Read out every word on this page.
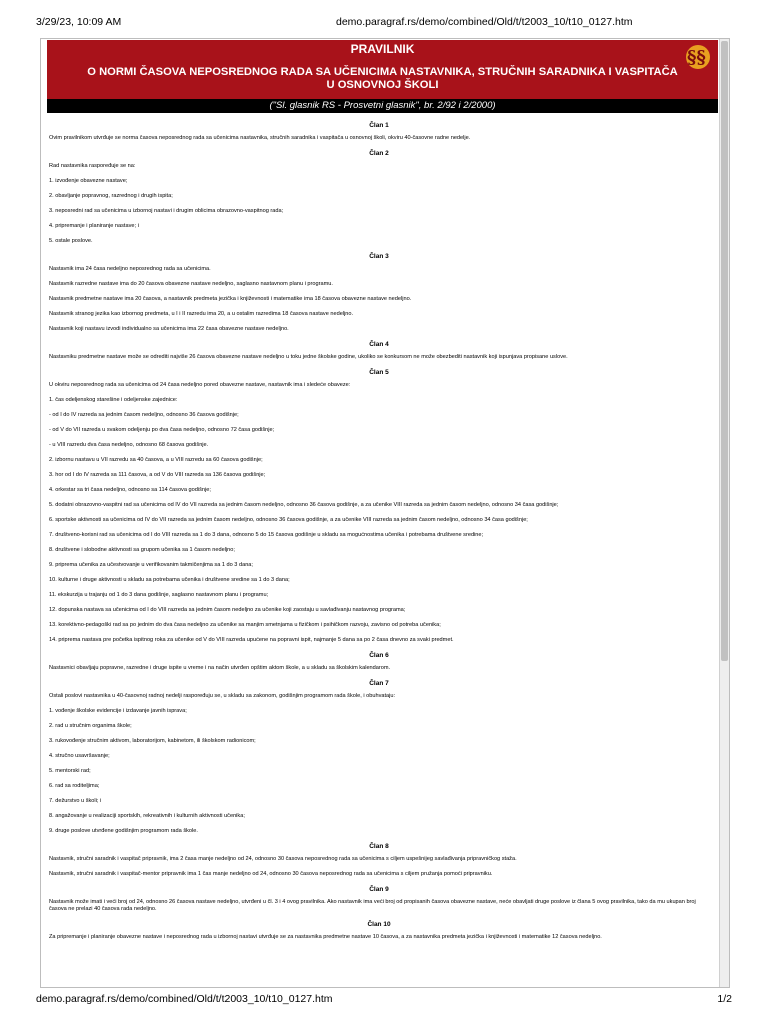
3/29/23, 10:09 AM	demo.paragraf.rs/demo/combined/Old/t/t2003_10/t10_0127.htm
PRAVILNIK
O NORMI ČASOVA NEPOSREDNOG RADA SA UČENICIMA NASTAVNIKA, STRUČNIH SARADNIKA I VASPITAČA U OSNOVNOJ ŠKOLI
§§
("Sl. glasnik RS - Prosvetni glasnik", br. 2/92 i 2/2000)
Član 1
Ovim pravilnikom utvrđuje se norma časova neposrednog rada sa učenicima nastavnika, stručnih saradnika i vaspitača u osnovnoj školi, okviru 40-časovne radne nedelje.
Član 2
Rad nastavnika raspoređuje se na:
1. izvođenje obavezne nastave;
2. obavljanje popravnog, razrednog i drugih ispita;
3. neposredni rad sa učenicima u izbornoj nastavi i drugim oblicima obrazovno-vaspitnog rada;
4. pripremanje i planiranje nastave; i
5. ostale poslove.
Član 3
Nastavnik ima 24 časa nedeljno neposrednog rada sa učenicima.
Nastavnik razredne nastave ima do 20 časova obavezne nastave nedeljno, saglasno nastavnom planu i programu.
Nastavnik predmetne nastave ima 20 časova, a nastavnik predmeta jezička i književnosti i matematike ima 18 časova obavezne nastave nedeljno.
Nastavnik stranog jezika kao izbornog predmeta, u I i II razredu ima 20, a u ostalim razredima 18 časova nastave nedeljno.
Nastavnik koji nastavu izvodi individualno sa učenicima ima 22 časa obavezne nastave nedeljno.
Član 4
Nastavniku predmetne nastave može se odrediti najviše 26 časova obavezne nastave nedeljno u toku jedne školske godine, ukoliko se konkursom ne može obezbediti nastavnik koji ispunjava propisane uslove.
Član 5
U okviru neposrednog rada sa učenicima od 24 časa nedeljno pored obavezne nastave, nastavnik ima i sledeće obaveze:
1. čas odeljenskog starešine i odeljenske zajednice:
- od I do IV razreda sa jednim časom nedeljno, odnosno 36 časova godišnje;
- od V do VII razreda u svakom odeljenju po dva časa nedeljno, odnosno 72 časa godišnje;
- u VIII razredu dva časa nedeljno, odnosno 68 časova godišnje.
2. izbornu nastavu u VII razredu sa 40 časova, a u VIII razredu sa 60 časova godišnje;
3. hor od I do IV razreda sa 111 časova, a od V do VIII razreda sa 136 časova godišnje;
4. orkestar sa tri časa nedeljno, odnosno sa 114 časova godišnje;
5. dodatni obrazovno-vaspitni rad sa učenicima od IV do VII razreda sa jednim časom nedeljno, odnosno 36 časova godišnje, a za učenike VIII razreda sa jednim časom nedeljno, odnosno 34 časa godišnje;
6. sportske aktivnosti sa učenicima od IV do VII razreda sa jednim časom nedeljno, odnosno 36 časova godišnje, a za učenike VIII razreda sa jednim časom nedeljno, odnosno 34 časa godišnje;
7. društveno-korisni rad sa učenicima od I do VIII razreda sa 1 do 3 dana, odnosno 5 do 15 časova godišnje u skladu sa mogućnostima učenika i potrebama društvene sredine;
8. društvene i slobodne aktivnosti sa grupom učenika sa 1 časom nedeljno;
9. priprema učenika za učestvovanje u verifikovanim takmičenjima sa 1 do 3 dana;
10. kulturne i druge aktivnosti u skladu sa potrebama učenika i društvene sredine sa 1 do 3 dana;
11. ekskurzija u trajanju od 1 do 3 dana godišnje, saglasno nastavnom planu i programu;
12. dopunska nastava sa učenicima od I do VIII razreda sa jednim časom nedeljno za učenike koji zaostaju u savlađivanju nastavnog programa;
13. korektivno-pedagoški rad sa po jednim do dva časa nedeljno za učenike sa manjim smetnjama u fizičkom i psihičkom razvoju, zavisno od potreba učenika;
14. priprema nastava pre početka ispitnog roka za učenike od V do VIII razreda upućene na popravni ispit, najmanje 5 dana sa po 2 časa dnevno za svaki predmet.
Član 6
Nastavnici obavljaju popravne, razredne i druge ispite u vreme i na način utvrđen opštim aktom škole, a u skladu sa školskim kalendarom.
Član 7
Ostali poslovi nastavnika u 40-časovnoj radnoj nedelji raspoređuju se, u skladu sa zakonom, godišnjim programom rada škole, i obuhvataju:
1. vođenje školske evidencije i izdavanje javnih isprava;
2. rad u stručnim organima škole;
3. rukovođenje stručnim aktivom, laboratorijom, kabinetom, ili školskom radionicom;
4. stručno usavršavanje;
5. mentorski rad;
6. rad sa roditeljima;
7. dežurstvo u školi; i
8. angažovanje u realizaciji sportskih, rekreativnih i kulturnih aktivnosti učenika;
9. druge poslove utvrđene godišnjim programom rada škole.
Član 8
Nastavnik, stručni saradnik i vaspitač pripravnik, ima 2 časa manje nedeljno od 24, odnosno 30 časova neposrednog rada sa učenicima s ciljem uspešnijeg savlađivanja pripravničkog staža.
Nastavnik, stručni saradnik i vaspitač-mentor pripravnik ima 1 čas manje nedeljno od 24, odnosno 30 časova neposrednog rada sa učenicima s ciljem pružanja pomoći pripravniku.
Član 9
Nastavnik može imati i veći broj od 24, odnosno 26 časova nastave nedeljno, utvrđeni u čl. 3 i 4 ovog pravilnika. Ako nastavnik ima veći broj od propisanih časova obavezne nastave, neće obavljati druge poslove iz člana 5 ovog pravilnika, tako da mu ukupan broj časova ne prelazi 40 časova rada nedeljno.
Član 10
Za pripremanje i planiranje obavezne nastave i neposrednog rada u izbornoj nastavi utvrđuje se za nastavnika predmetne nastave 10 časova, a za nastavnika predmeta jezička i književnosti i matematike 12 časova nedeljno.
demo.paragraf.rs/demo/combined/Old/t/t2003_10/t10_0127.htm	1/2
